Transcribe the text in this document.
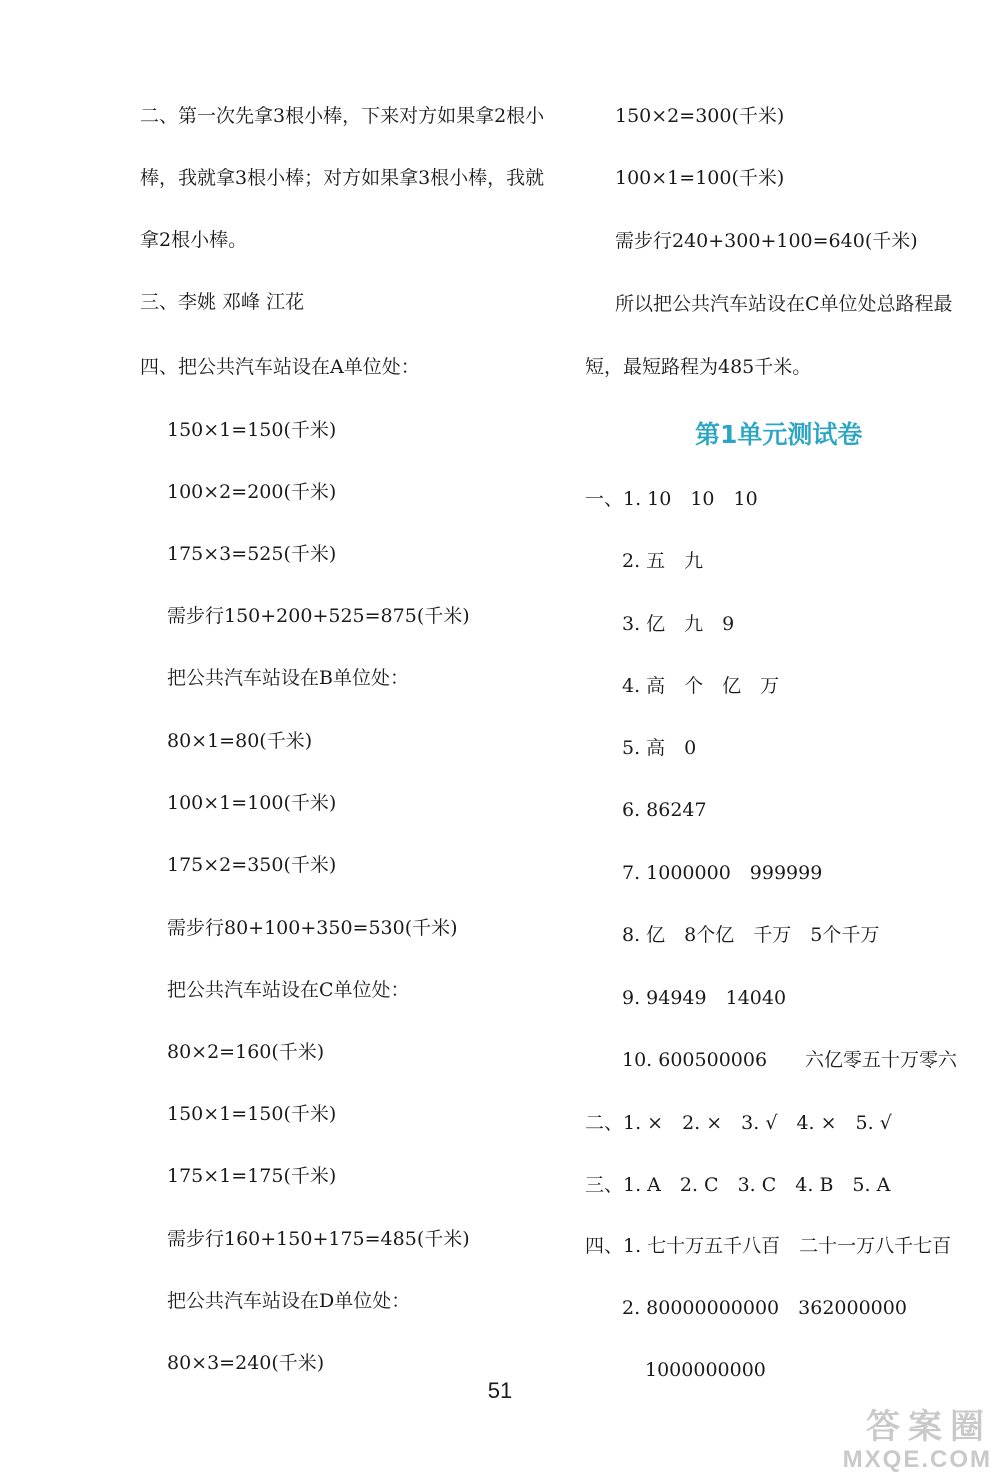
二、第一次先拿3根小棒，下来对方如果拿2根小
棒，我就拿3根小棒；对方如果拿3根小棒，我就
拿2根小棒。
三、李姚 邓峰 江花
四、把公共汽车站设在A单位处：
150×1=150(千米)
100×2=200(千米)
175×3=525(千米)
需步行150+200+525=875(千米)
把公共汽车站设在B单位处：
80×1=80(千米)
100×1=100(千米)
175×2=350(千米)
需步行80+100+350=530(千米)
把公共汽车站设在C单位处：
80×2=160(千米)
150×1=150(千米)
175×1=175(千米)
需步行160+150+175=485(千米)
把公共汽车站设在D单位处：
80×3=240(千米)
150×2=300(千米)
100×1=100(千米)
需步行240+300+100=640(千米)
所以把公共汽车站设在C单位处总路程最
短，最短路程为485千米。
第1单元测试卷
一、1. 10　10　10
2. 五　九
3. 亿　九　9
4. 高　个　亿　万
5. 高　0
6. 86247
7. 1000000　999999
8. 亿　8个亿　千万　5个千万
9. 94949　14040
10. 600500006　　六亿零五十万零六
二、1. ×　2. ×　3. √　4. ×　5. √
三、1. A　2. C　3. C　4. B　5. A
四、1. 七十万五千八百　二十一万八千七百
2. 80000000000　362000000
1000000000
51
答案圈
MXQE.COM
